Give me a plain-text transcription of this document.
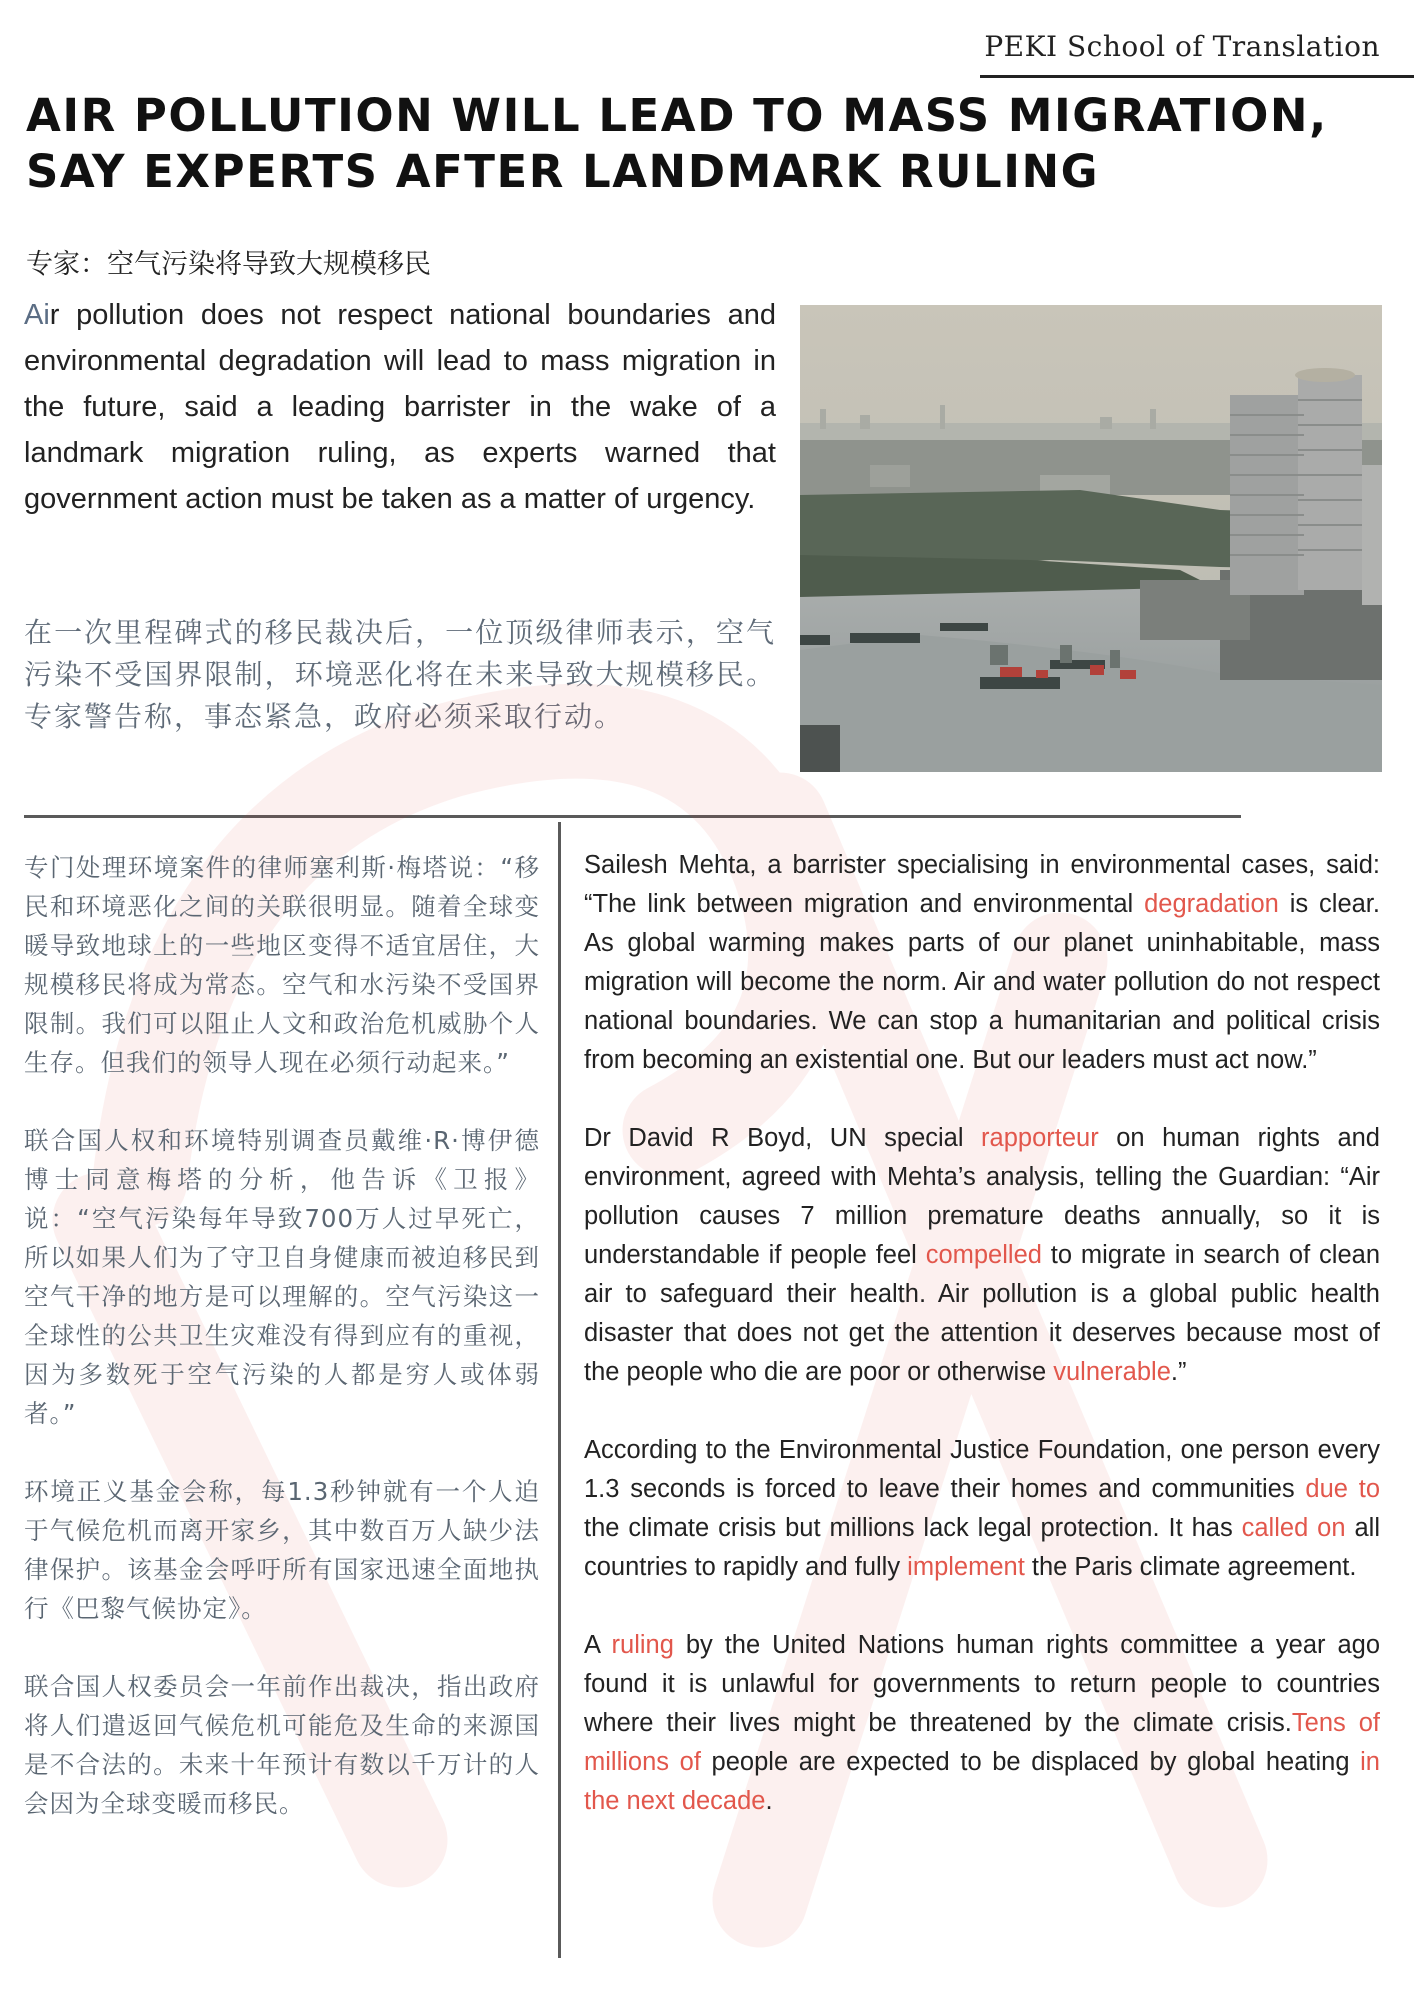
PEKI School of Translation
AIR POLLUTION WILL LEAD TO MASS MIGRATION, SAY EXPERTS AFTER LANDMARK RULING
专家：空气污染将导致大规模移民

Air pollution does not respect national boundaries and environmental degradation will lead to mass migration in the future, said a leading barrister in the wake of a landmark migration ruling, as experts warned that government action must be taken as a matter of urgency.

在一次里程碑式的移民裁决后，一位顶级律师表示，空气污染不受国界限制，环境恶化将在未来导致大规模移民。专家警告称，事态紧急，政府必须采取行动。

专门处理环境案件的律师塞利斯·梅塔说：“移民和环境恶化之间的关联很明显。随着全球变暖导致地球上的一些地区变得不适宜居住，大规模移民将成为常态。空气和水污染不受国界限制。我们可以阻止人文和政治危机威胁个人生存。但我们的领导人现在必须行动起来。”

联合国人权和环境特别调查员戴维·R·博伊德博士同意梅塔的分析，他告诉《卫报》说：“空气污染每年导致700万人过早死亡，所以如果人们为了守卫自身健康而被迫移民到空气干净的地方是可以理解的。空气污染这一全球性的公共卫生灾难没有得到应有的重视，因为多数死于空气污染的人都是穷人或体弱者。”

环境正义基金会称，每1.3秒钟就有一个人迫于气候危机而离开家乡，其中数百万人缺少法律保护。该基金会呼吁所有国家迅速全面地执行《巴黎气候协定》。

联合国人权委员会一年前作出裁决，指出政府将人们遣返回气候危机可能危及生命的来源国是不合法的。未来十年预计有数以千万计的人会因为全球变暖而移民。

Sailesh Mehta, a barrister specialising in environmental cases, said: “The link between migration and environmental degradation is clear. As global warming makes parts of our planet uninhabitable, mass migration will become the norm. Air and water pollution do not respect national boundaries. We can stop a humanitarian and political crisis from becoming an existential one. But our leaders must act now.”

Dr David R Boyd, UN special rapporteur on human rights and environment, agreed with Mehta’s analysis, telling the Guardian: “Air pollution causes 7 million premature deaths annually, so it is understandable if people feel compelled to migrate in search of clean air to safeguard their health. Air pollution is a global public health disaster that does not get the attention it deserves because most of the people who die are poor or otherwise vulnerable.”

According to the Environmental Justice Foundation, one person every 1.3 seconds is forced to leave their homes and communities due to the climate crisis but millions lack legal protection. It has called on all countries to rapidly and fully implement the Paris climate agreement.

A ruling by the United Nations human rights committee a year ago found it is unlawful for governments to return people to countries where their lives might be threatened by the climate crisis.Tens of millions of people are expected to be displaced by global heating in the next decade.
